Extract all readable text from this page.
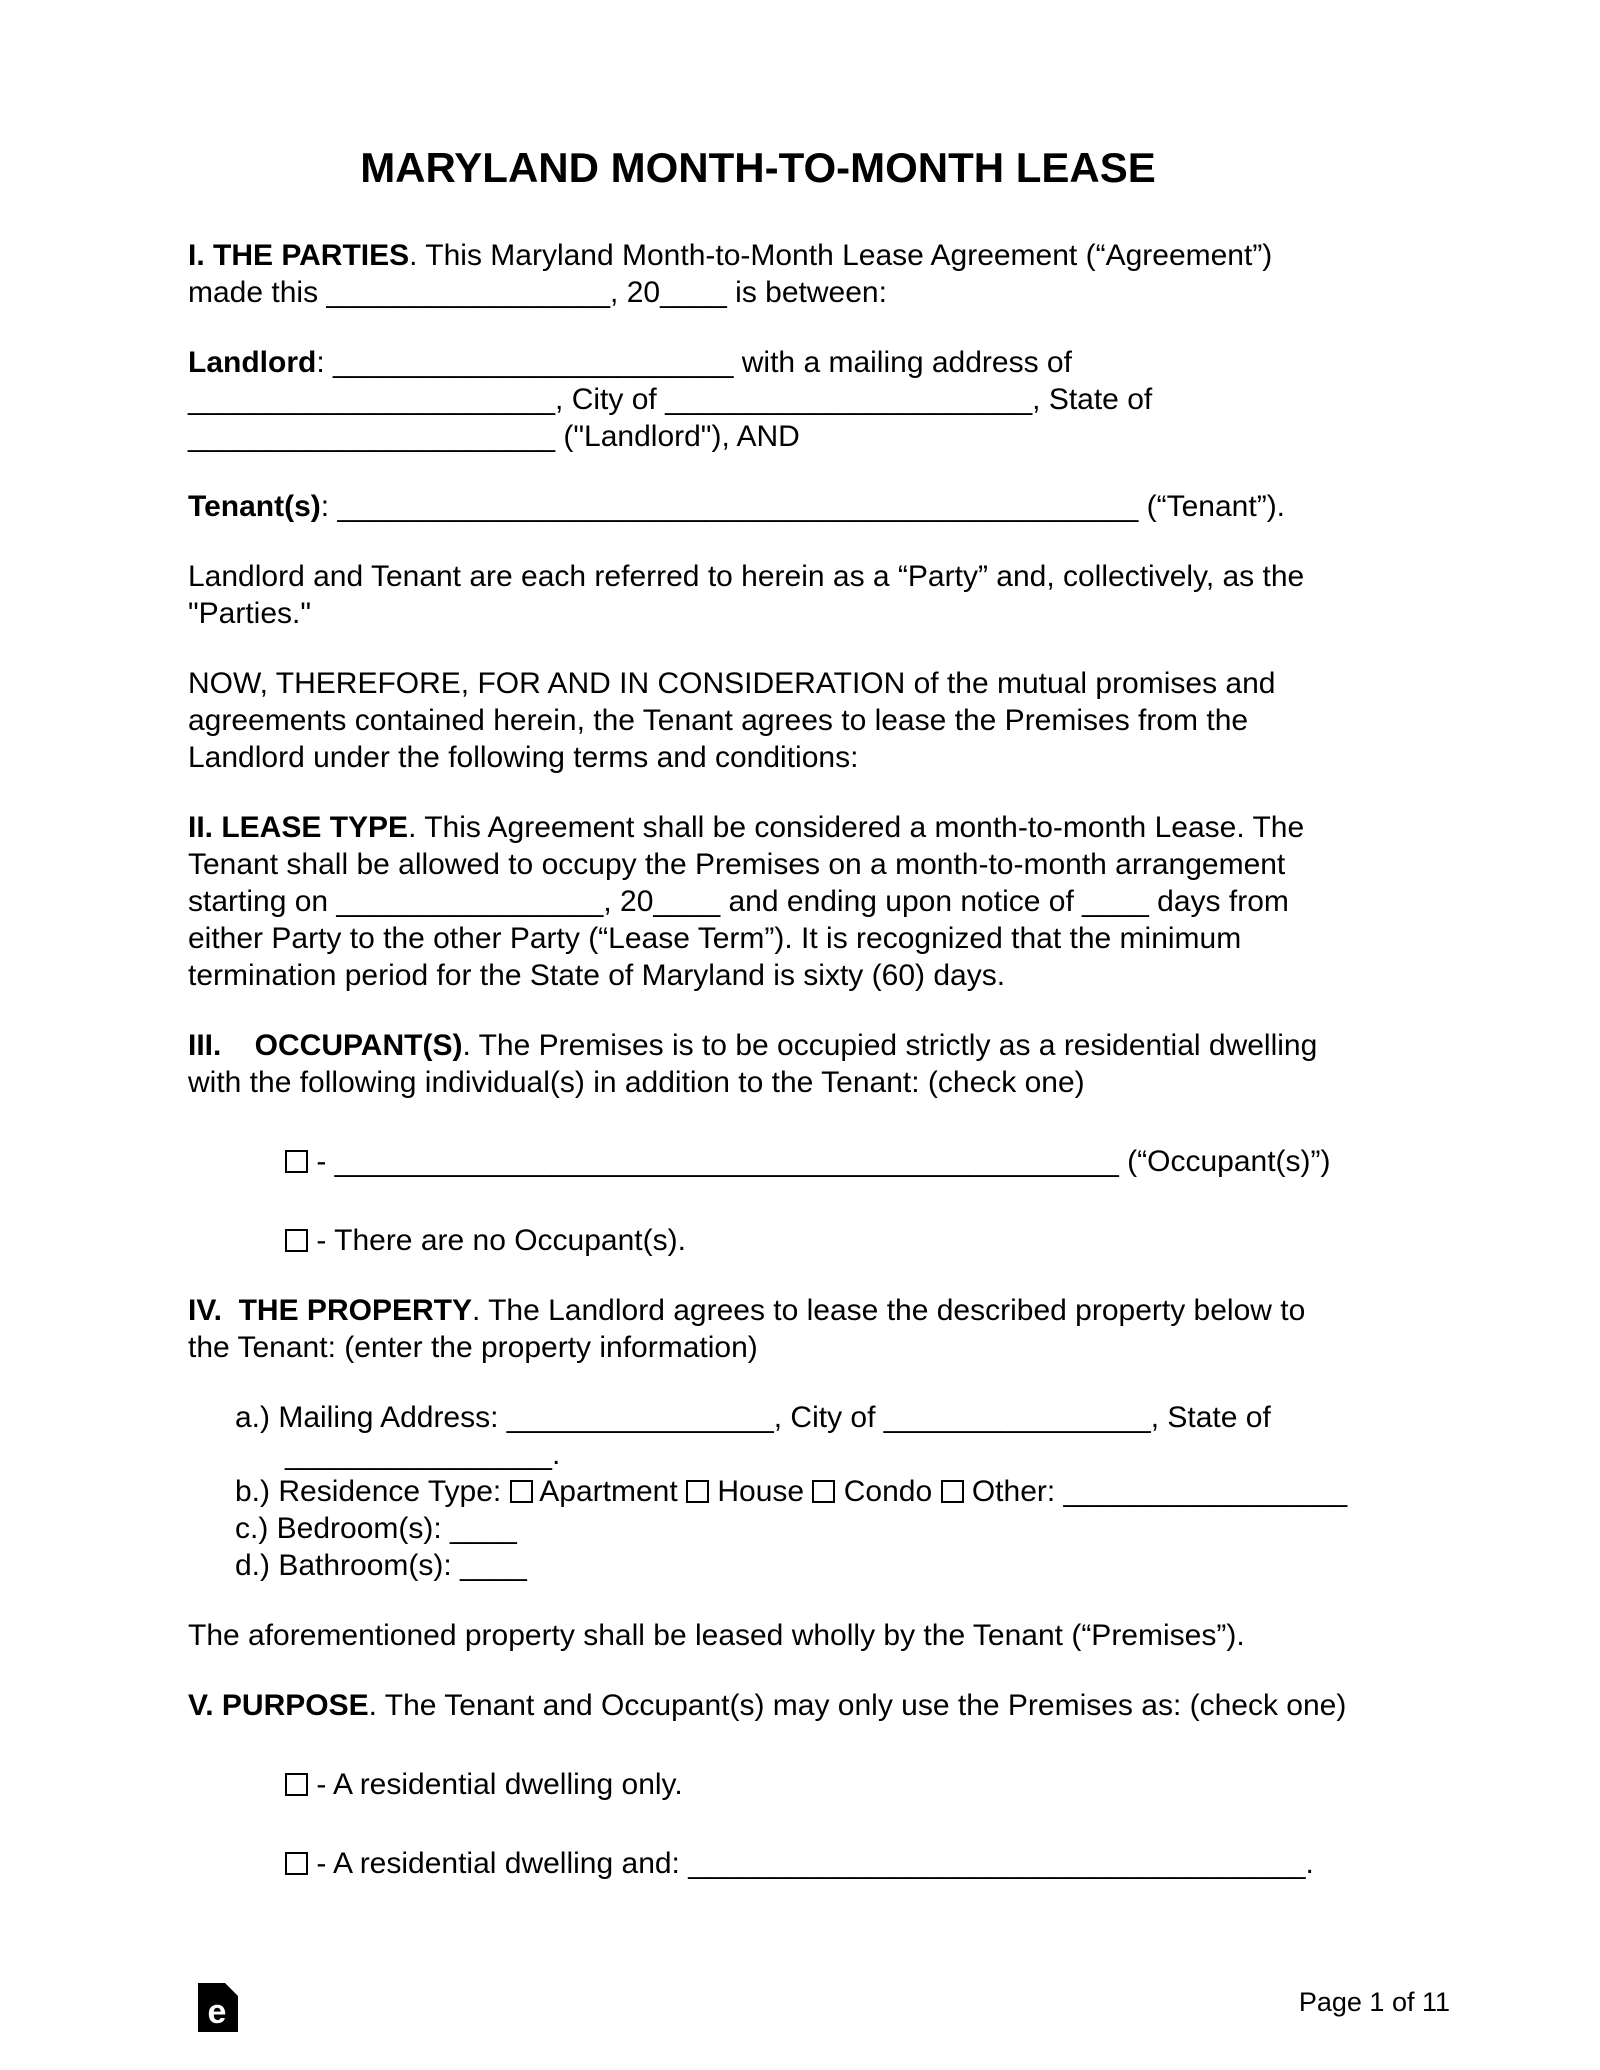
MARYLAND MONTH-TO-MONTH LEASE
I. THE PARTIES. This Maryland Month-to-Month Lease Agreement (“Agreement”)
made this _________________, 20____ is between:
Landlord: ________________________ with a mailing address of
______________________, City of ______________________, State of
______________________ ("Landlord"), AND
Tenant(s): ________________________________________________ (“Tenant”).
Landlord and Tenant are each referred to herein as a “Party” and, collectively, as the
"Parties."
NOW, THEREFORE, FOR AND IN CONSIDERATION of the mutual promises and
agreements contained herein, the Tenant agrees to lease the Premises from the
Landlord under the following terms and conditions:
II. LEASE TYPE. This Agreement shall be considered a month-to-month Lease. The
Tenant shall be allowed to occupy the Premises on a month-to-month arrangement
starting on ________________, 20____ and ending upon notice of ____ days from
either Party to the other Party (“Lease Term”). It is recognized that the minimum
termination period for the State of Maryland is sixty (60) days.
III.    OCCUPANT(S). The Premises is to be occupied strictly as a residential dwelling
with the following individual(s) in addition to the Tenant: (check one)
- _______________________________________________ (“Occupant(s)”)
- There are no Occupant(s).
IV.  THE PROPERTY. The Landlord agrees to lease the described property below to
the Tenant: (enter the property information)
a.) Mailing Address: ________________, City of ________________, State of
________________.
b.) Residence Type:  Apartment  House  Condo  Other: _________________
c.) Bedroom(s): ____
d.) Bathroom(s): ____
The aforementioned property shall be leased wholly by the Tenant (“Premises”).
V. PURPOSE. The Tenant and Occupant(s) may only use the Premises as: (check one)
- A residential dwelling only.
- A residential dwelling and: _____________________________________.
e	Page 1 of 11
